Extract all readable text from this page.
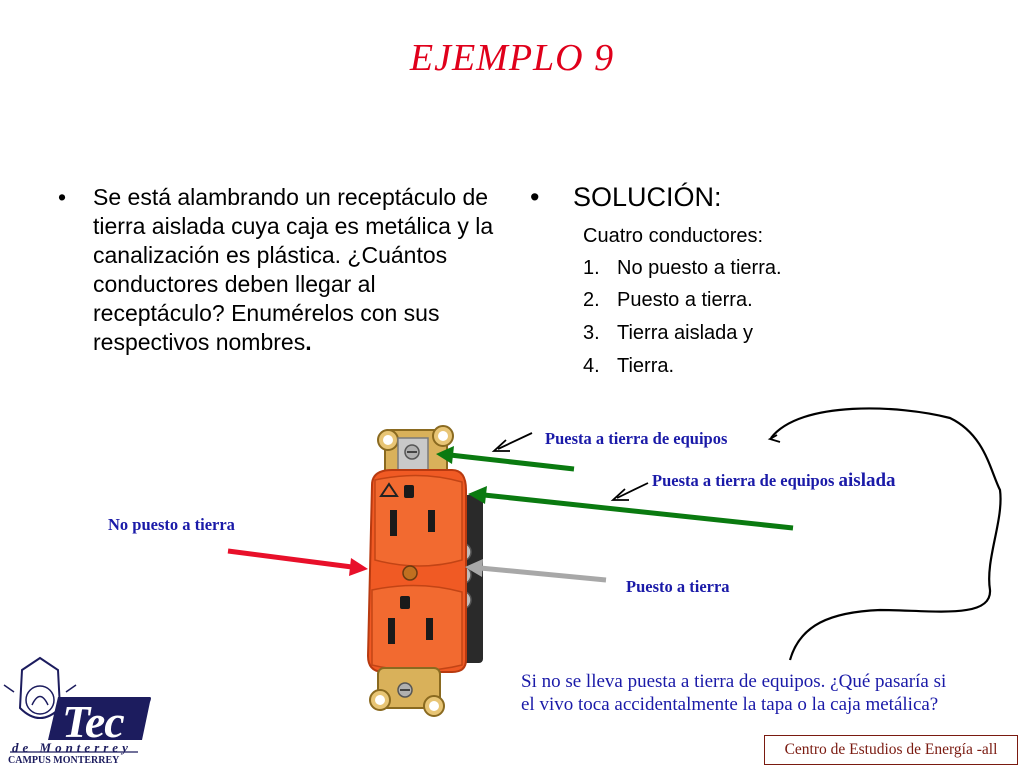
EJEMPLO 9
• Se está alambrando un receptáculo de tierra aislada cuya caja es metálica y la canalización es plástica. ¿Cuántos conductores deben llegar al receptáculo? Enumérelos con sus respectivos nombres.
• SOLUCIÓN:
Cuatro conductores:
1. No puesto a tierra.
2. Puesto a tierra.
3. Tierra aislada y
4. Tierra.
Puesta a tierra de equipos
Puesta a tierra de equipos aislada
No puesto a tierra
Puesto a tierra
Si no se lleva puesta a tierra de equipos. ¿Qué pasaría si el vivo toca accidentalmente la tapa o la caja metálica?
Centro de Estudios de Energía -all
Tec
de Monterrey
CAMPUS MONTERREY
